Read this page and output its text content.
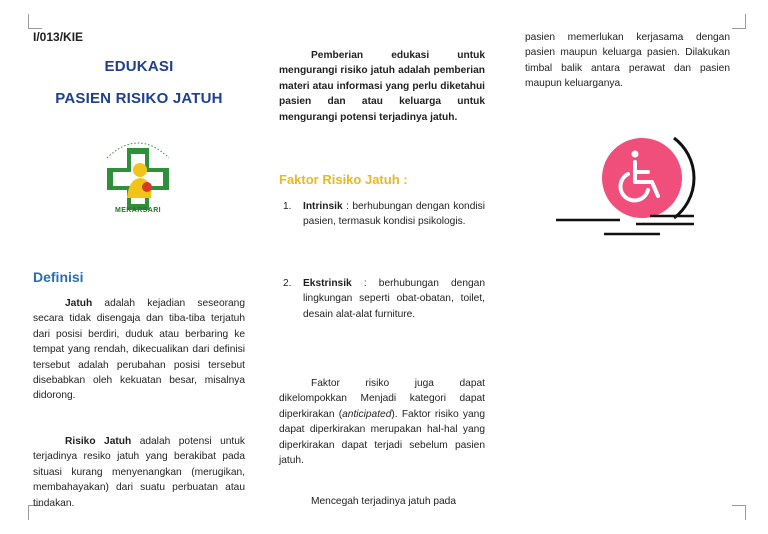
I/013/KIE
EDUKASI
PASIEN RISIKO JATUH
MEKARSARI
Definisi
Jatuh adalah kejadian seseorang secara tidak disengaja dan tiba-tiba terjatuh dari posisi berdiri, duduk atau berbaring ke tempat yang rendah, dikecualikan dari definisi tersebut adalah perubahan posisi tersebut disebabkan oleh kekuatan besar, misalnya didorong.
Risiko Jatuh adalah potensi untuk terjadinya resiko jatuh yang berakibat pada situasi kurang menyenangkan (merugikan, membahayakan) dari suatu perbuatan atau tindakan.
Pemberian edukasi untuk mengurangi risiko jatuh adalah pemberian materi atau informasi yang perlu diketahui pasien dan atau keluarga untuk mengurangi potensi terjadinya jatuh.
Faktor Risiko Jatuh :
1. Intrinsik : berhubungan dengan kondisi pasien, termasuk kondisi psikologis.
2. Ekstrinsik : berhubungan dengan lingkungan seperti obat-obatan, toilet, desain alat-alat furniture.
Faktor risiko juga dapat dikelompokkan Menjadi kategori dapat diperkirakan (anticipated). Faktor risiko yang dapat diperkirakan merupakan hal-hal yang diperkirakan dapat terjadi sebelum pasien jatuh.
Mencegah terjadinya jatuh pada
pasien memerlukan kerjasama dengan pasien maupun keluarga pasien. Dilakukan timbal balik antara perawat dan pasien maupun keluarganya.
